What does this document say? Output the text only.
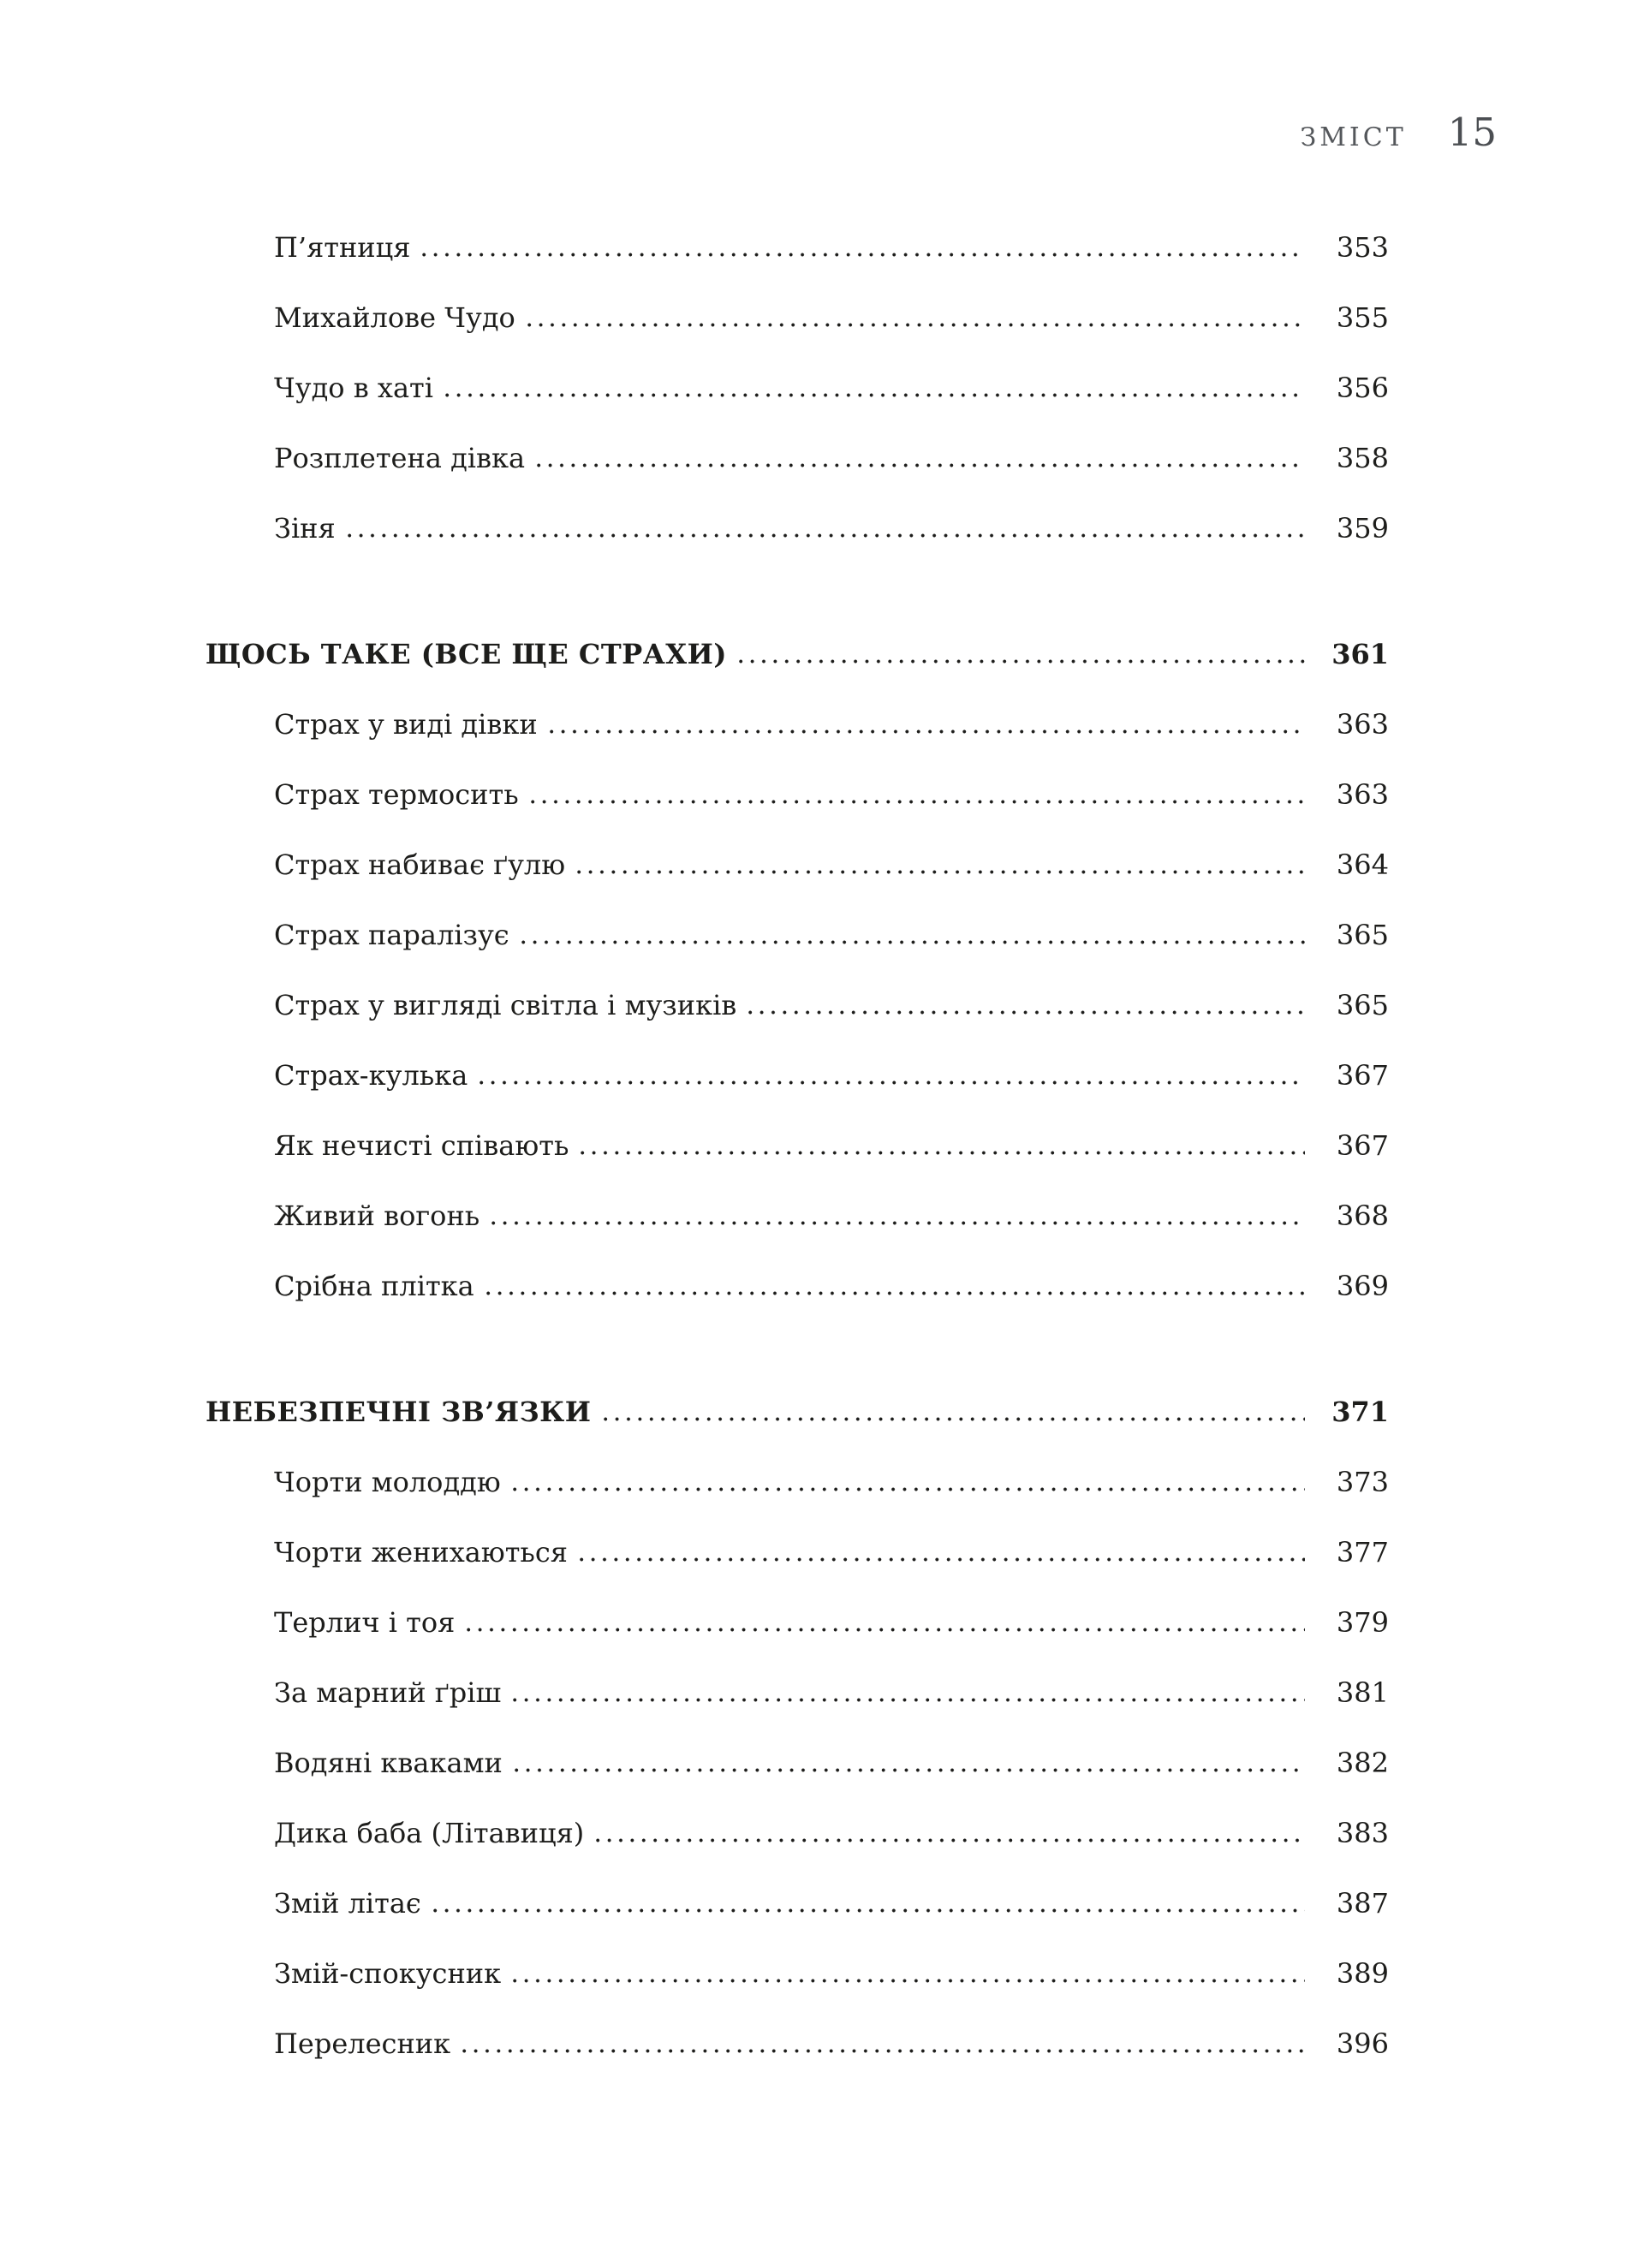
ЗМІСТ 15
П’ятниця	353
Михайлове Чудо	355
Чудо в хаті	356
Розплетена дівка	358
Зіня	359
ЩОСЬ ТАКЕ (ВСЕ ЩЕ СТРАХИ)	361
Страх у виді дівки	363
Страх термосить	363
Страх набиває ґулю	364
Страх паралізує	365
Страх у вигляді світла і музиків	365
Страх-кулька	367
Як нечисті співають	367
Живий вогонь	368
Срібна плітка	369
НЕБЕЗПЕЧНІ ЗВ’ЯЗКИ	371
Чорти молоддю	373
Чорти женихаються	377
Терлич і тоя	379
За марний ґріш	381
Водяні кваками	382
Дика баба (Літавиця)	383
Змій літає	387
Змій-спокусник	389
Перелесник	396
